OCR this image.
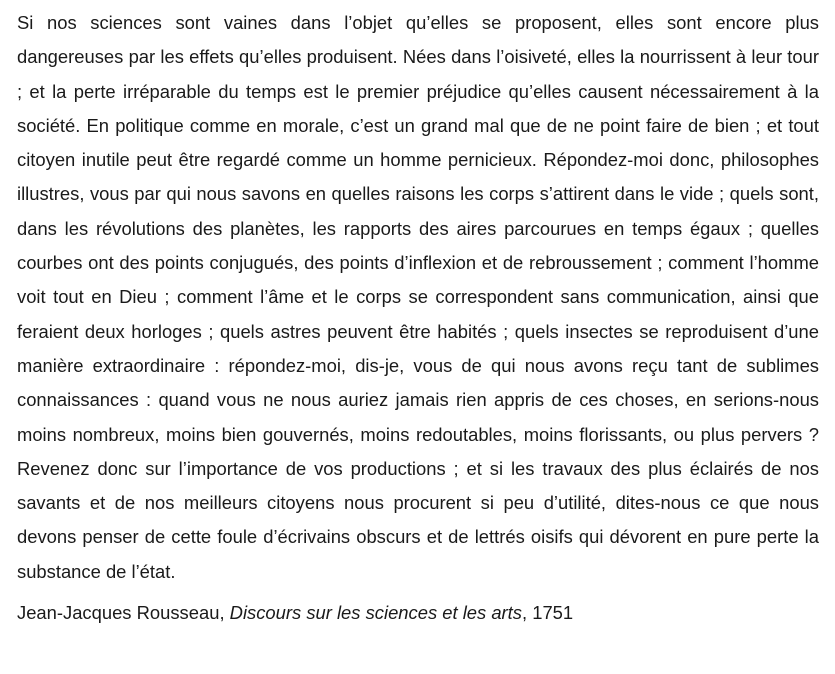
Si nos sciences sont vaines dans l’objet qu’elles se proposent, elles sont encore plus dangereuses par les effets qu’elles produisent. Nées dans l’oisiveté, elles la nourrissent à leur tour ; et la perte irréparable du temps est le premier préjudice qu’elles causent nécessairement à la société. En politique comme en morale, c’est un grand mal que de ne point faire de bien ; et tout citoyen inutile peut être regardé comme un homme pernicieux. Répondez-moi donc, philosophes illustres, vous par qui nous savons en quelles raisons les corps s’attirent dans le vide ; quels sont, dans les révolutions des planètes, les rapports des aires parcourues en temps égaux ; quelles courbes ont des points conjugués, des points d’inflexion et de rebroussement ; comment l’homme voit tout en Dieu ; comment l’âme et le corps se correspondent sans communication, ainsi que feraient deux horloges ; quels astres peuvent être habités ; quels insectes se reproduisent d’une manière extraordinaire : répondez-moi, dis-je, vous de qui nous avons reçu tant de sublimes connaissances : quand vous ne nous auriez jamais rien appris de ces choses, en serions-nous moins nombreux, moins bien gouvernés, moins redoutables, moins florissants, ou plus pervers ? Revenez donc sur l’importance de vos productions ; et si les travaux des plus éclairés de nos savants et de nos meilleurs citoyens nous procurent si peu d’utilité, dites-nous ce que nous devons penser de cette foule d’écrivains obscurs et de lettrés oisifs qui dévorent en pure perte la substance de l’état.

Jean-Jacques Rousseau, Discours sur les sciences et les arts, 1751
